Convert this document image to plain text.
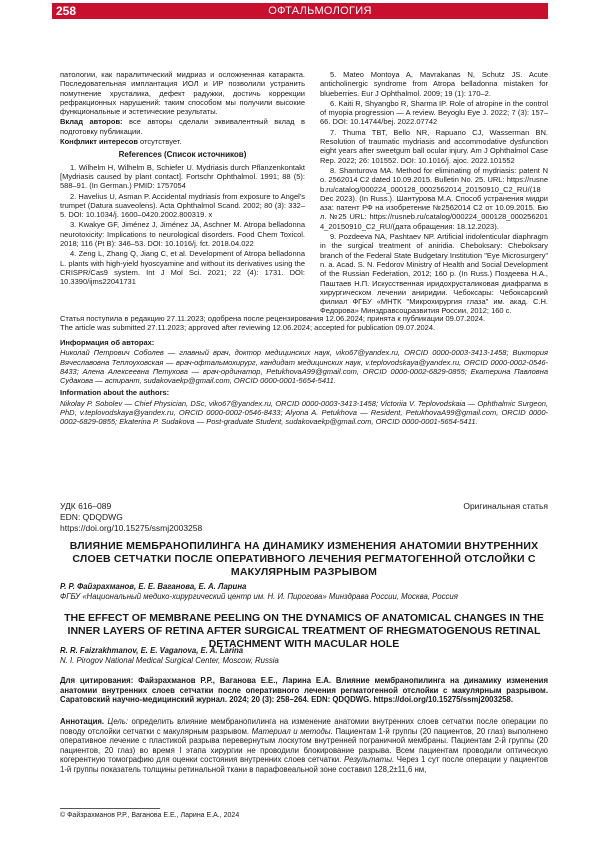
258	ОФТАЛЬМОЛОГИЯ

патологии, как паралитический мидриаз и осложненная катаракта. Последовательная имплантация ИОЛ и ИР позволили устранить помутнение хрусталика, дефект радужки, достичь коррекции рефракционных нарушений: таким способом мы получили высокие функциональные и эстетические результаты.

Вклад авторов: все авторы сделали эквивалентный вклад в подготовку публикации.

Конфликт интересов отсутствует.

References (Список источников)

1. Wilhelm H, Wilhelm B, Schiefer U. Mydriasis durch Pflanzenkontakt [Mydriasis caused by plant contact]. Fortschr Ophthalmol. 1991; 88 (5): 588–91. (In German.) PMID: 1757054

2. Havelius U, Asman P. Accidental mydriasis from exposure to Angel's trumpet (Datura suaveolens). Acta Ophthalmol Scand. 2002; 80 (3): 332–5. DOI: 10.1034/j. 1600–0420.2002.800319. x

3. Kwakye GF, Jiménez J, Jiménez JA, Aschner M. Atropa belladonna neurotoxicity: Implications to neurological disorders. Food Chem Toxicol. 2018; 116 (Pt B): 346–53. DOI: 10.1016/j. fct. 2018.04.022

4. Zeng L, Zhang Q, Jiang C, et al. Development of Atropa belladonna L. plants with high-yield hyoscyamine and without its derivatives using the CRISPR/Cas9 system. Int J Mol Sci. 2021; 22 (4): 1731. DOI: 10.3390/ijms22041731

5. Mateo Montoya A, Mavrakanas N, Schutz JS. Acute anticholinergic syndrome from Atropa belladonna mistaken for blueberries. Eur J Ophthalmol. 2009; 19 (1): 170–2.

6. Kaiti R, Shyangbo R, Sharma IP. Role of atropine in the control of myopia progression — A review. Beyoglu Eye J. 2022; 7 (3): 157–66. DOI: 10.14744/bej. 2022.07742

7. Thuma TBT, Bello NR, Rapuano CJ, Wasserman BN. Resolution of traumatic mydriasis and accommodative dysfunction eight years after sweetgum ball ocular injury. Am J Ophthalmol Case Rep. 2022; 26: 101552. DOI: 10.1016/j. ajoc. 2022.101552

8. Shanturova MA. Method for eliminating of mydriasis: patent No. 2562014 C2 dated 10.09.2015. Bulletin No. 25. URL: https://rusneb.ru/catalog/000224_000128_0002562014_20150910_C2_RU/(18 Dec 2023). (In Russ.). Шантурова М.А. Способ устранения мидриаза: патент РФ на изобретение №2562014 С2 от 10.09.2015. Бюл. №25 URL: https://rusneb.ru/catalog/000224_000128_0002562014_20150910_C2_RU/(дата обращения: 18.12.2023).

9. Pozdeeva NA, Pashtaev NP. Artificial iridolenticular diaphragm in the surgical treatment of aniridia. Cheboksary: Cheboksary branch of the Federal State Budgetary Institution "Eye Microsurgery" n. a. Acad. S. N. Fedorov Ministry of Health and Social Development of the Russian Federation, 2012; 160 p. (In Russ.) Поздеева Н.А., Паштаев Н.П. Искусственная иридохрусталиковая диафрагма в хирургическом лечении аниридии. Чебоксары: Чебоксарский филиал ФГБУ «МНТК "Микрохирургия глаза" им. акад. С.Н. Федорова» Минздравсоцразвития России, 2012; 160 с.

Статья поступила в редакцию 27.11.2023; одобрена после рецензирования 12.06.2024; принята к публикации 09.07.2024.
The article was submitted 27.11.2023; approved after reviewing 12.06.2024; accepted for publication 09.07.2024.

Информация об авторах:

Николай Петрович Соболев — главный врач, доктор медицинских наук, viko67@yandex.ru, ORCID 0000-0003-3413-1458; Виктория Вячеславовна Теплоуховская — врач-офтальмохирург, кандидат медицинских наук, v.teplovodskaya@yandex.ru, ORCID 0000-0002-0546-8433; Алена Алексеевна Петухова — врач-ординатор, PetukhovaA99@gmail.com, ORCID 0000-0002-6829-0855; Екатерина Павловна Судакова — аспирант, sudakovaekp@gmail.com, ORCID 0000-0001-5654-5411.

Information about the authors:

Nikolay P. Sobolev — Chief Physician, DSc, viko67@yandex.ru, ORCID 0000-0003-3413-1458; Victoriia V. Teplovodskaia — Ophthalmic Surgeon, PhD, v.teplovodskaya@yandex.ru, ORCID 0000-0002-0546-8433; Alyona A. Petukhova — Resident, PetukhovaA99@gmail.com, ORCID 0000-0002-6829-0855; Ekaterina P. Sudakova — Post-graduate Student, sudakovaekp@gmail.com, ORCID 0000-0001-5654-5411.

УДК 616–089
EDN: QDQDWG
https://doi.org/10.15275/ssmj2003258
Оригинальная статья
ВЛИЯНИЕ МЕМБРАНОПИЛИНГА НА ДИНАМИКУ ИЗМЕНЕНИЯ АНАТОМИИ ВНУТРЕННИХ СЛОЕВ СЕТЧАТКИ ПОСЛЕ ОПЕРАТИВНОГО ЛЕЧЕНИЯ РЕГМАТОГЕННОЙ ОТСЛОЙКИ С МАКУЛЯРНЫМ РАЗРЫВОМ
Р. Р. Файзрахманов, Е. Е. Ваганова, Е. А. Ларина
ФГБУ «Национальный медико-хирургический центр им. Н. И. Пирогова» Минздрава России, Москва, Россия
THE EFFECT OF MEMBRANE PEELING ON THE DYNAMICS OF ANATOMICAL CHANGES IN THE INNER LAYERS OF RETINA AFTER SURGICAL TREATMENT OF RHEGMATOGENOUS RETINAL DETACHMENT WITH MACULAR HOLE
R. R. Faizrakhmanov, E. E. Vaganova, E. A. Larina
N. I. Pirogov National Medical Surgical Center, Moscow, Russia
Для цитирования: Файзрахманов Р.Р., Ваганова Е.Е., Ларина Е.А. Влияние мембранопилинга на динамику изменения анатомии внутренних слоев сетчатки после оперативного лечения регматогенной отслойки с макулярным разрывом. Саратовский научно-медицинский журнал. 2024; 20 (3): 258–264. EDN: QDQDWG. https://doi.org/10.15275/ssmj2003258.
Аннотация. Цель: определить влияние мембранопилинга на изменение анатомии внутренних слоев сетчатки после операции по поводу отслойки сетчатки с макулярным разрывом. Материал и методы. Пациентам 1-й группы (20 пациентов, 20 глаз) выполнено оперативное лечение с пластикой разрыва перевернутым лоскутом внутренней пограничной мембраны. Пациентам 2-й группы (20 пациентов, 20 глаз) во время I этапа хирургии не проводили блокирование разрыва. Всем пациентам проводили оптическую когерентную томографию для оценки состояния внутренних слоев сетчатки. Результаты. Через 1 сут после операции у пациентов 1-й группы показатель толщины ретинальной ткани в парафовеальной зоне составил 128,2±11,6 нм,
© Файзрахманов Р.Р., Ваганова Е.Е., Ларина Е.А., 2024
